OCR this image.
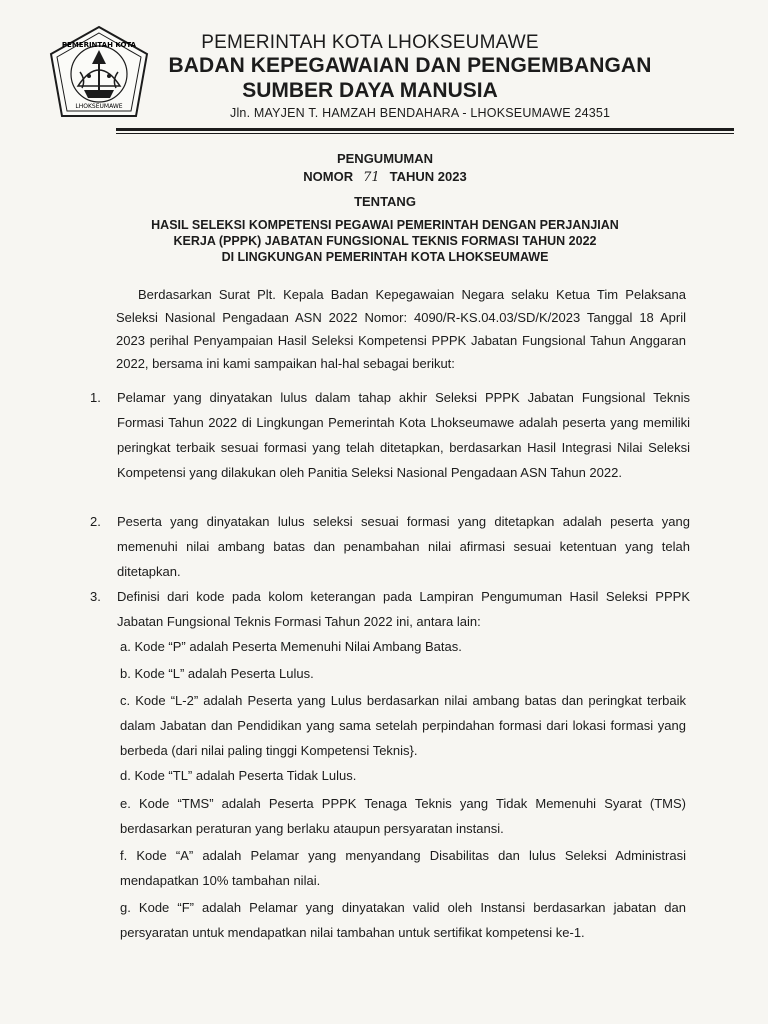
PEMERINTAH KOTA
LHOKSEUMAWE
PEMERINTAH KOTA LHOKSEUMAWE
BADAN KEPEGAWAIAN DAN PENGEMBANGAN
SUMBER DAYA MANUSIA
Jln. MAYJEN T. HAMZAH BENDAHARA - LHOKSEUMAWE 24351
PENGUMUMAN
NOMOR 71 TAHUN 2023
TENTANG
HASIL SELEKSI KOMPETENSI PEGAWAI PEMERINTAH DENGAN PERJANJIAN
KERJA (PPPK) JABATAN FUNGSIONAL TEKNIS FORMASI TAHUN 2022
DI LINGKUNGAN PEMERINTAH KOTA LHOKSEUMAWE
Berdasarkan Surat Plt. Kepala Badan Kepegawaian Negara selaku Ketua Tim Pelaksana Seleksi Nasional Pengadaan ASN 2022 Nomor: 4090/R-KS.04.03/SD/K/2023 Tanggal 18 April 2023 perihal Penyampaian Hasil Seleksi Kompetensi PPPK Jabatan Fungsional Tahun Anggaran 2022, bersama ini kami sampaikan hal-hal sebagai berikut:
1.	Pelamar yang dinyatakan lulus dalam tahap akhir Seleksi PPPK Jabatan Fungsional Teknis Formasi Tahun 2022 di Lingkungan Pemerintah Kota Lhokseumawe adalah peserta yang memiliki peringkat terbaik sesuai formasi yang telah ditetapkan, berdasarkan Hasil Integrasi Nilai Seleksi Kompetensi yang dilakukan oleh Panitia Seleksi Nasional Pengadaan ASN Tahun 2022.
2.	Peserta yang dinyatakan lulus seleksi sesuai formasi yang ditetapkan adalah peserta yang memenuhi nilai ambang batas dan penambahan nilai afirmasi sesuai ketentuan yang telah ditetapkan.
3.	Definisi dari kode pada kolom keterangan pada Lampiran Pengumuman Hasil Seleksi PPPK Jabatan Fungsional Teknis Formasi Tahun 2022 ini, antara lain:
a. Kode “P” adalah Peserta Memenuhi Nilai Ambang Batas.
b. Kode “L” adalah Peserta Lulus.
c. Kode “L-2” adalah Peserta yang Lulus berdasarkan nilai ambang batas dan peringkat terbaik dalam Jabatan dan Pendidikan yang sama setelah perpindahan formasi dari lokasi formasi yang berbeda (dari nilai paling tinggi Kompetensi Teknis}.
d. Kode “TL” adalah Peserta Tidak Lulus.
e. Kode “TMS” adalah Peserta PPPK Tenaga Teknis yang Tidak Memenuhi Syarat (TMS) berdasarkan peraturan yang berlaku ataupun persyaratan instansi.
f. Kode “A” adalah Pelamar yang menyandang Disabilitas dan lulus Seleksi Administrasi mendapatkan 10% tambahan nilai.
g. Kode “F” adalah Pelamar yang dinyatakan valid oleh Instansi berdasarkan jabatan dan persyaratan untuk mendapatkan nilai tambahan untuk sertifikat kompetensi ke-1.
